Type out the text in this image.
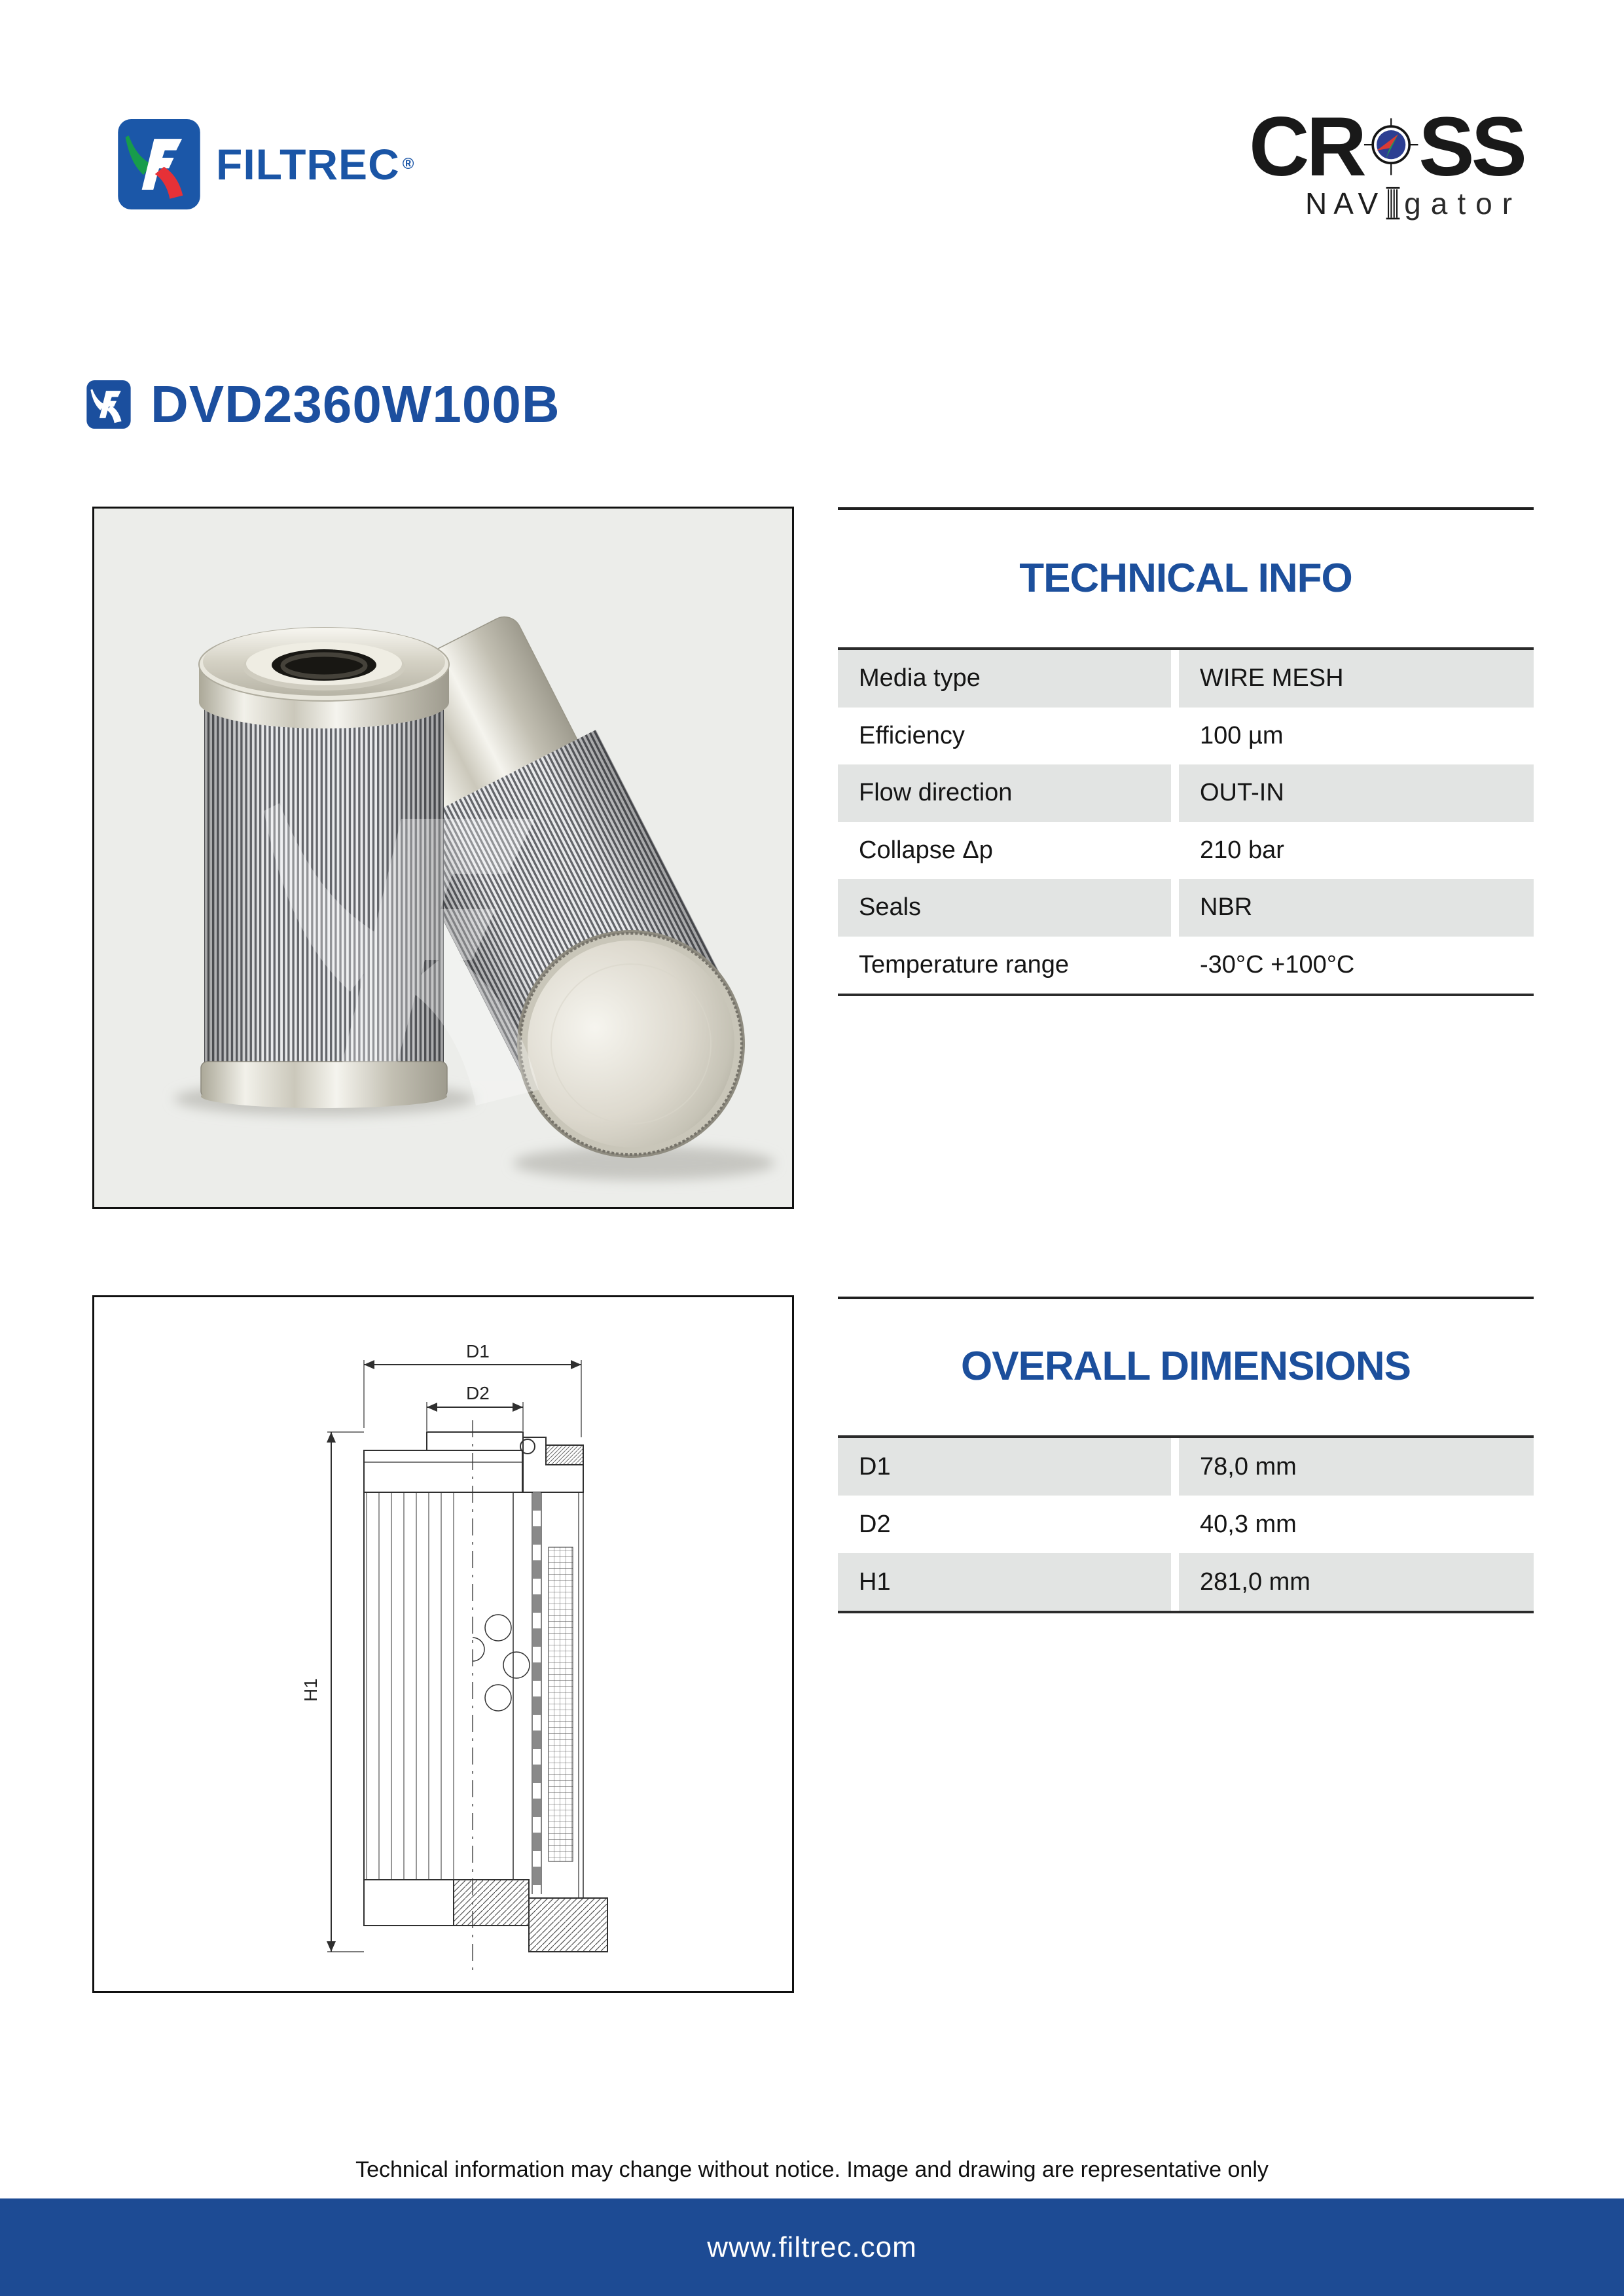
FILTREC ®	CR SS
NAV gator
DVD2360W100B
TECHNICAL INFO
Media type	WIRE MESH
Efficiency	100 µm
Flow direction	OUT-IN
Collapse Δp	210 bar
Seals	NBR
Temperature range	-30°C +100°C
D1
D2
H1
OVERALL DIMENSIONS
D1	78,0 mm
D2	40,3 mm
H1	281,0 mm
Technical information may change without notice. Image and drawing are representative only
www.filtrec.com
